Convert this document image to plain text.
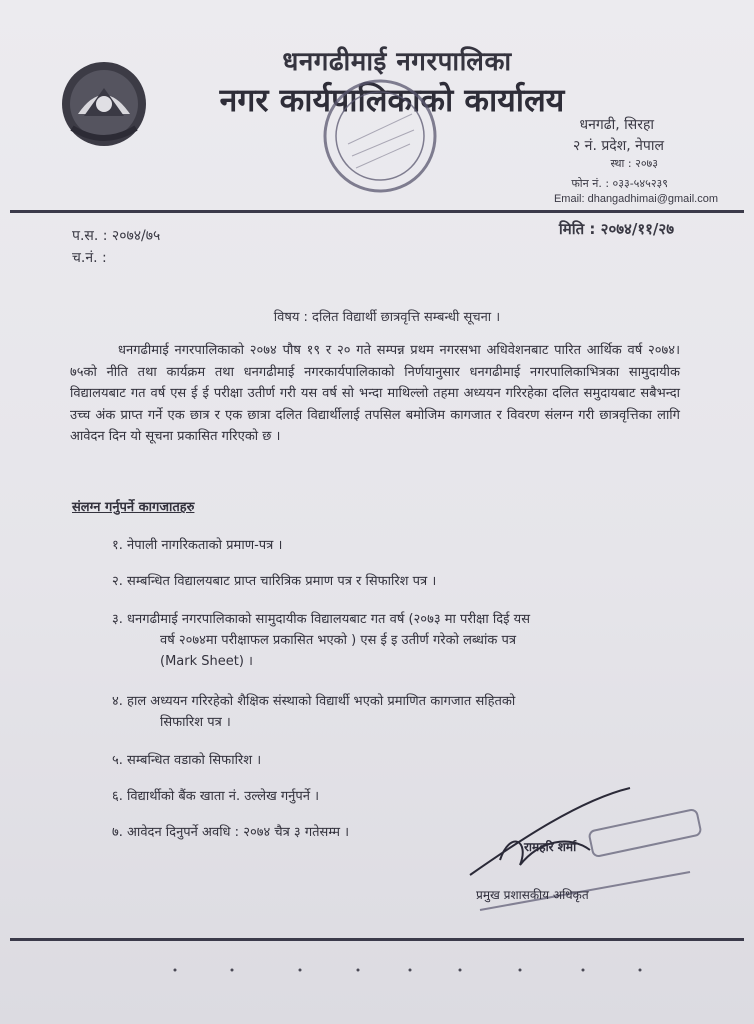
धनगढीमाई नगरपालिका
नगर कार्यपालिकाको कार्यालय
धनगढी, सिरहा
२ नं. प्रदेश, नेपाल
स्था : २०७३
फोन नं. : ०३३-५४५२३९
Email: dhangadhimai@gmail.com
प.स. : २०७४/७५
च.नं. :
मिति : २०७४/११/२७
विषय : दलित विद्यार्थी छात्रवृत्ति सम्बन्धी सूचना ।
धनगढीमाई नगरपालिकाको २०७४ पौष १९ र २० गते सम्पन्न प्रथम नगरसभा अधिवेशनबाट पारित आर्थिक वर्ष २०७४।७५को नीति तथा कार्यक्रम तथा धनगढीमाई नगरकार्यपालिकाको निर्णयानुसार धनगढीमाई नगरपालिकाभित्रका सामुदायीक विद्यालयबाट गत वर्ष एस ई ई परीक्षा उतीर्ण गरी यस वर्ष सो भन्दा माथिल्लो तहमा अध्ययन गरिरहेका दलित समुदायबाट सबैभन्दा उच्च अंक प्राप्त गर्ने एक छात्र र एक छात्रा दलित विद्यार्थीलाई तपसिल बमोजिम कागजात र विवरण संलग्न गरी छात्रवृत्तिका लागि आवेदन दिन यो सूचना प्रकासित गरिएको छ ।
संलग्न गर्नुपर्ने कागजातहरु
१. नेपाली नागरिकताको प्रमाण-पत्र ।
२. सम्बन्धित विद्यालयबाट प्राप्त चारित्रिक प्रमाण पत्र र सिफारिश पत्र ।
३. धनगढीमाई नगरपालिकाको सामुदायीक विद्यालयबाट गत वर्ष (२०७३ मा परीक्षा दिई यस
वर्ष २०७४मा परीक्षाफल प्रकासित भएको ) एस ई इ उतीर्ण गरेको लब्धांक पत्र
(Mark Sheet) ।
४. हाल अध्ययन गरिरहेको शैक्षिक संस्थाको विद्यार्थी भएको प्रमाणित कागजात सहितको
सिफारिश पत्र ।
५. सम्बन्धित वडाको सिफारिश ।
६. विद्यार्थीको बैंक खाता नं. उल्लेख गर्नुपर्ने ।
७. आवेदन दिनुपर्ने अवधि : २०७४ चैत्र ३ गतेसम्म ।
रामहरि शर्मा
प्रमुख प्रशासकीय अधिकृत
